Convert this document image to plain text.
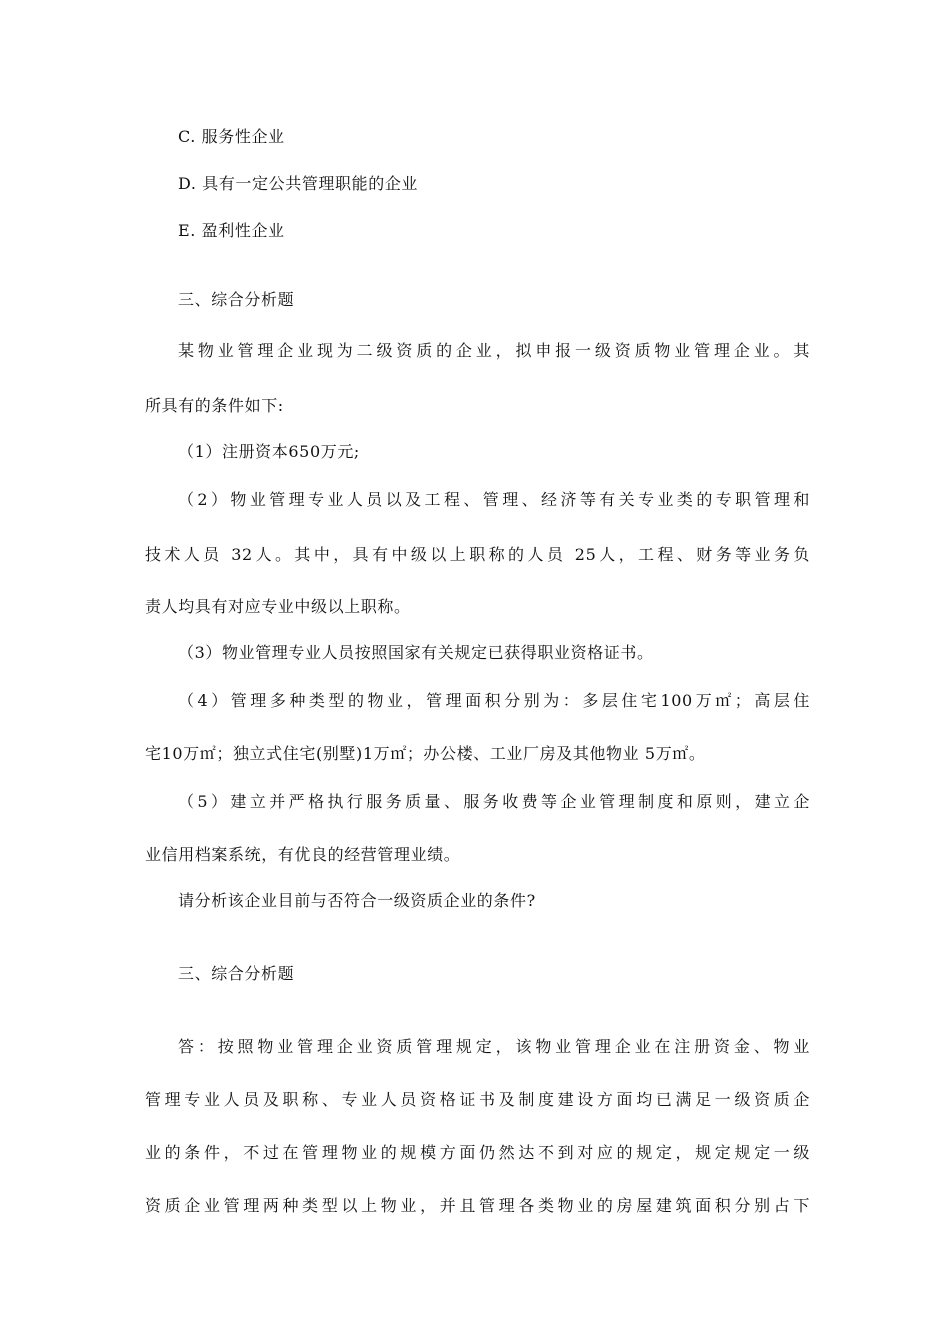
C. 服务性企业
D. 具有一定公共管理职能的企业
E. 盈利性企业
三、综合分析题
某物业管理企业现为二级资质的企业，拟申报一级资质物业管理企业。其
所具有的条件如下:
（1）注册资本650万元;
（2）物业管理专业人员以及工程、管理、经济等有关专业类的专职管理和
技术人员 32人。其中，具有中级以上职称的人员 25人，工程、财务等业务负
责人均具有对应专业中级以上职称。
（3）物业管理专业人员按照国家有关规定已获得职业资格证书。
（4）管理多种类型的物业，管理面积分别为：多层住宅100万㎡；高层住
宅10万㎡；独立式住宅(别墅)1万㎡；办公楼、工业厂房及其他物业 5万㎡。
（5）建立并严格执行服务质量、服务收费等企业管理制度和原则，建立企
业信用档案系统，有优良的经营管理业绩。
请分析该企业目前与否符合一级资质企业的条件?
三、综合分析题
答：按照物业管理企业资质管理规定，该物业管理企业在注册资金、物业
管理专业人员及职称、专业人员资格证书及制度建设方面均已满足一级资质企
业的条件，不过在管理物业的规模方面仍然达不到对应的规定，规定规定一级
资质企业管理两种类型以上物业，并且管理各类物业的房屋建筑面积分别占下
